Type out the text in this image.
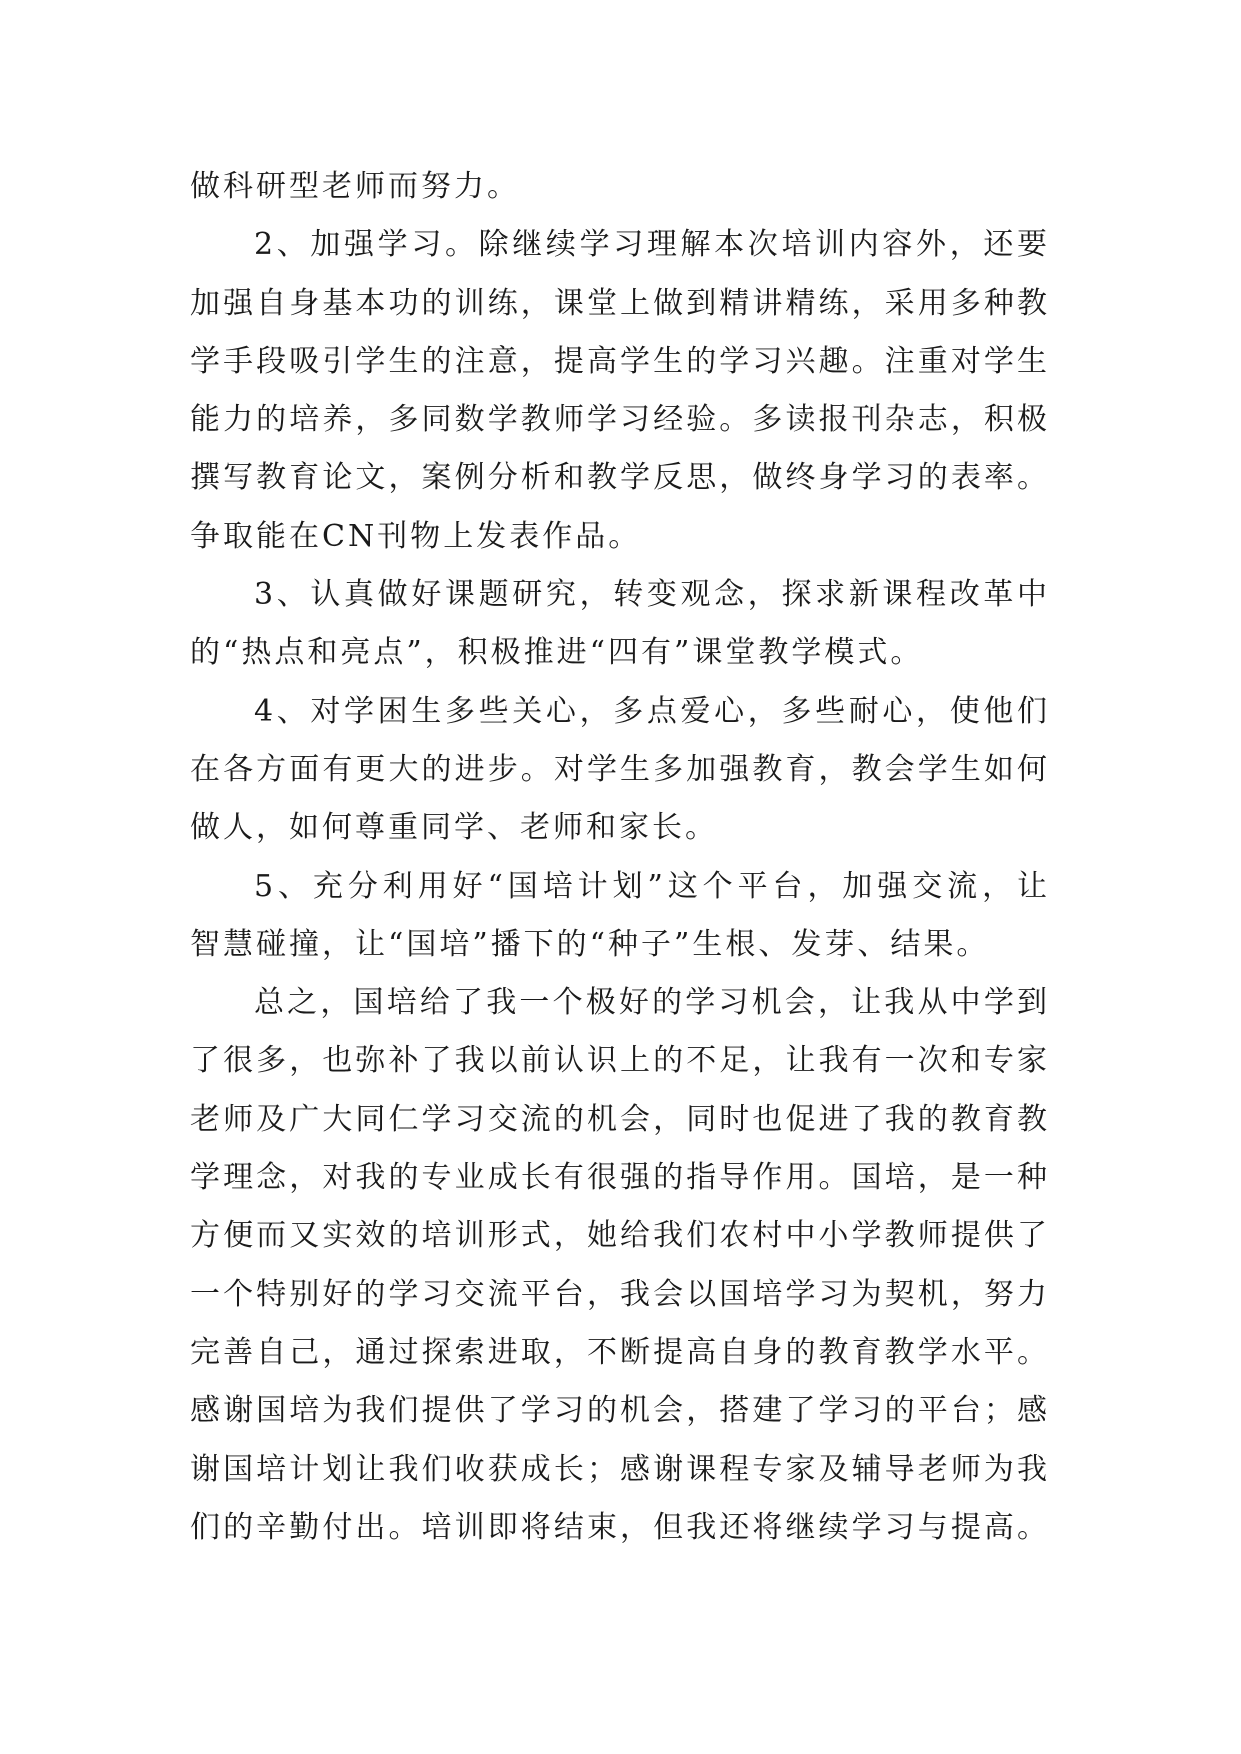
做科研型老师而努力。
2、加强学习。除继续学习理解本次培训内容外，还要
加强自身基本功的训练，课堂上做到精讲精练，采用多种教
学手段吸引学生的注意，提高学生的学习兴趣。注重对学生
能力的培养，多同数学教师学习经验。多读报刊杂志，积极
撰写教育论文，案例分析和教学反思，做终身学习的表率。
争取能在CN刊物上发表作品。
3、认真做好课题研究，转变观念，探求新课程改革中
的“热点和亮点”，积极推进“四有”课堂教学模式。
4、对学困生多些关心，多点爱心，多些耐心，使他们
在各方面有更大的进步。对学生多加强教育，教会学生如何
做人，如何尊重同学、老师和家长。
5、充分利用好“国培计划”这个平台，加强交流，让
智慧碰撞，让“国培”播下的“种子”生根、发芽、结果。
总之，国培给了我一个极好的学习机会，让我从中学到
了很多，也弥补了我以前认识上的不足，让我有一次和专家
老师及广大同仁学习交流的机会，同时也促进了我的教育教
学理念，对我的专业成长有很强的指导作用。国培，是一种
方便而又实效的培训形式，她给我们农村中小学教师提供了
一个特别好的学习交流平台，我会以国培学习为契机，努力
完善自己，通过探索进取，不断提高自身的教育教学水平。
感谢国培为我们提供了学习的机会，搭建了学习的平台；感
谢国培计划让我们收获成长；感谢课程专家及辅导老师为我
们的辛勤付出。培训即将结束，但我还将继续学习与提高。
